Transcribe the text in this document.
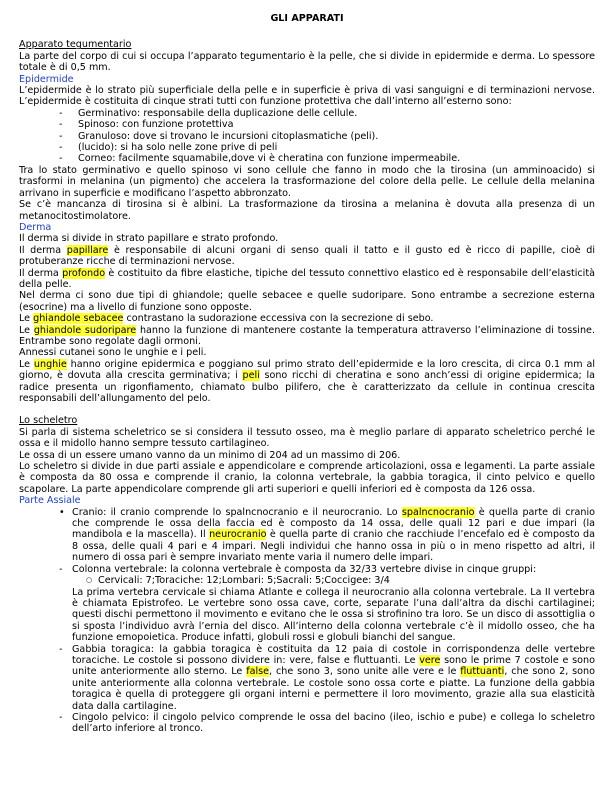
GLI APPARATI
Apparato tegumentario

La parte del corpo di cui si occupa l’apparato tegumentario è la pelle, che si divide in epidermide e derma. Lo spessore totale è di 0,5 mm.

Epidermide

L’epidermide è lo strato più superficiale della pelle e in superficie è priva di vasi sanguigni e di terminazioni nervose. L’epidermide è costituita di cinque strati tutti con funzione protettiva che dall’interno all’esterno sono:

- Germinativo: responsabile della duplicazione delle cellule.
- Spinoso: con funzione protettiva
- Granuloso: dove si trovano le incursioni citoplasmatiche (peli).
- (lucido): si ha solo nelle zone prive di peli
- Corneo: facilmente squamabile,dove vi è cheratina con funzione impermeabile.

Tra lo stato germinativo e quello spinoso vi sono cellule che fanno in modo che la tirosina (un amminoacido) si trasformi in melanina (un pigmento) che accelera la trasformazione del colore della pelle. Le cellule della melanina arrivano in superficie e modificano l’aspetto abbronzato.

Se c’è mancanza di tirosina si è albini. La trasformazione da tirosina a melanina è dovuta alla presenza di un metanocitostimolatore.

Derma

Il derma si divide in strato papillare e strato profondo.

Il derma papillare è responsabile di alcuni organi di senso quali il tatto e il gusto ed è ricco di papille, cioè di protuberanze ricche di terminazioni nervose.

Il derma profondo è costituito da fibre elastiche, tipiche del tessuto connettivo elastico ed è responsabile dell’elasticità della pelle.

Nel derma ci sono due tipi di ghiandole; quelle sebacee e quelle sudoripare. Sono entrambe a secrezione esterna (esocrine) ma a livello di funzione sono opposte.

Le ghiandole sebacee contrastano la sudorazione eccessiva con la secrezione di sebo.

Le ghiandole sudoripare hanno la funzione di mantenere costante la temperatura attraverso l’eliminazione di tossine. Entrambe sono regolate dagli ormoni.

Annessi cutanei sono le unghie e i peli.

Le unghie hanno origine epidermica e poggiano sul primo strato dell’epidermide e la loro crescita, di circa 0.1 mm al giorno, è dovuta alla crescita germinativa; i peli sono ricchi di cheratina e sono anch’essi di origine epidermica; la radice presenta un rigonfiamento, chiamato bulbo pilifero, che è caratterizzato da cellule in continua crescita responsabili dell’allungamento del pelo.

Lo scheletro

Si parla di sistema scheletrico se si considera il tessuto osseo, ma è meglio parlare di apparato scheletrico perché le ossa e il midollo hanno sempre tessuto cartilagineo.

Le ossa di un essere umano vanno da un minimo di 204 ad un massimo di 206.

Lo scheletro si divide in due parti assiale e appendicolare e comprende articolazioni, ossa e legamenti. La parte assiale è composta da 80 ossa e comprende il cranio, la colonna vertebrale, la gabbia toragica, il cinto pelvico e quello scapolare. La parte appendicolare comprende gli arti superiori e quelli inferiori ed è composta da 126 ossa.

Parte Assiale
• Cranio: il cranio comprende lo spalncnocranio e il neurocranio. Lo spalncnocranio è quella parte di cranio che comprende le ossa della faccia ed è composto da 14 ossa, delle quali 12 pari e due impari (la mandibola e la mascella). Il neurocranio è quella parte di cranio che racchiude l’encefalo ed è composto da 8 ossa, delle quali 4 pari e 4 impari. Negli individui che hanno ossa in più o in meno rispetto ad altri, il numero di ossa pari è sempre invariato mente varia il numero delle impari.
- Colonna vertebrale: la colonna vertebrale è composta da 32/33 vertebre divise in cinque gruppi:
○ Cervicali: 7;Toraciche: 12;Lombari: 5;Sacrali: 5;Coccigee: 3/4
La prima vertebra cervicale si chiama Atlante e collega il neurocranio alla colonna vertebrale. La II vertebra è chiamata Epistrofeo. Le vertebre sono ossa cave, corte, separate l’una dall’altra da dischi cartilaginei; questi dischi permettono il movimento e evitano che le ossa si strofinino tra loro. Se un disco di assottiglia o si sposta l’individuo avrà l’ernia del disco. All’interno della colonna vertebrale c’è il midollo osseo, che ha funzione emopoietica. Produce infatti, globuli rossi e globuli bianchi del sangue.
- Gabbia toragica: la gabbia toragica è costituita da 12 paia di costole in corrispondenza delle vertebre toraciche. Le costole si possono dividere in: vere, false e fluttuanti. Le vere sono le prime 7 costole e sono unite anteriormente allo sterno. Le false, che sono 3, sono unite alle vere e le fluttuanti, che sono 2, sono unite anteriormente alla colonna vertebrale. Le costole sono ossa corte e piatte. La funzione della gabbia toragica è quella di proteggere gli organi interni e permettere il loro movimento, grazie alla sua elasticità data dalla cartilagine.
- Cingolo pelvico: il cingolo pelvico comprende le ossa del bacino (ileo, ischio e pube) e collega lo scheletro dell’arto inferiore al tronco.
